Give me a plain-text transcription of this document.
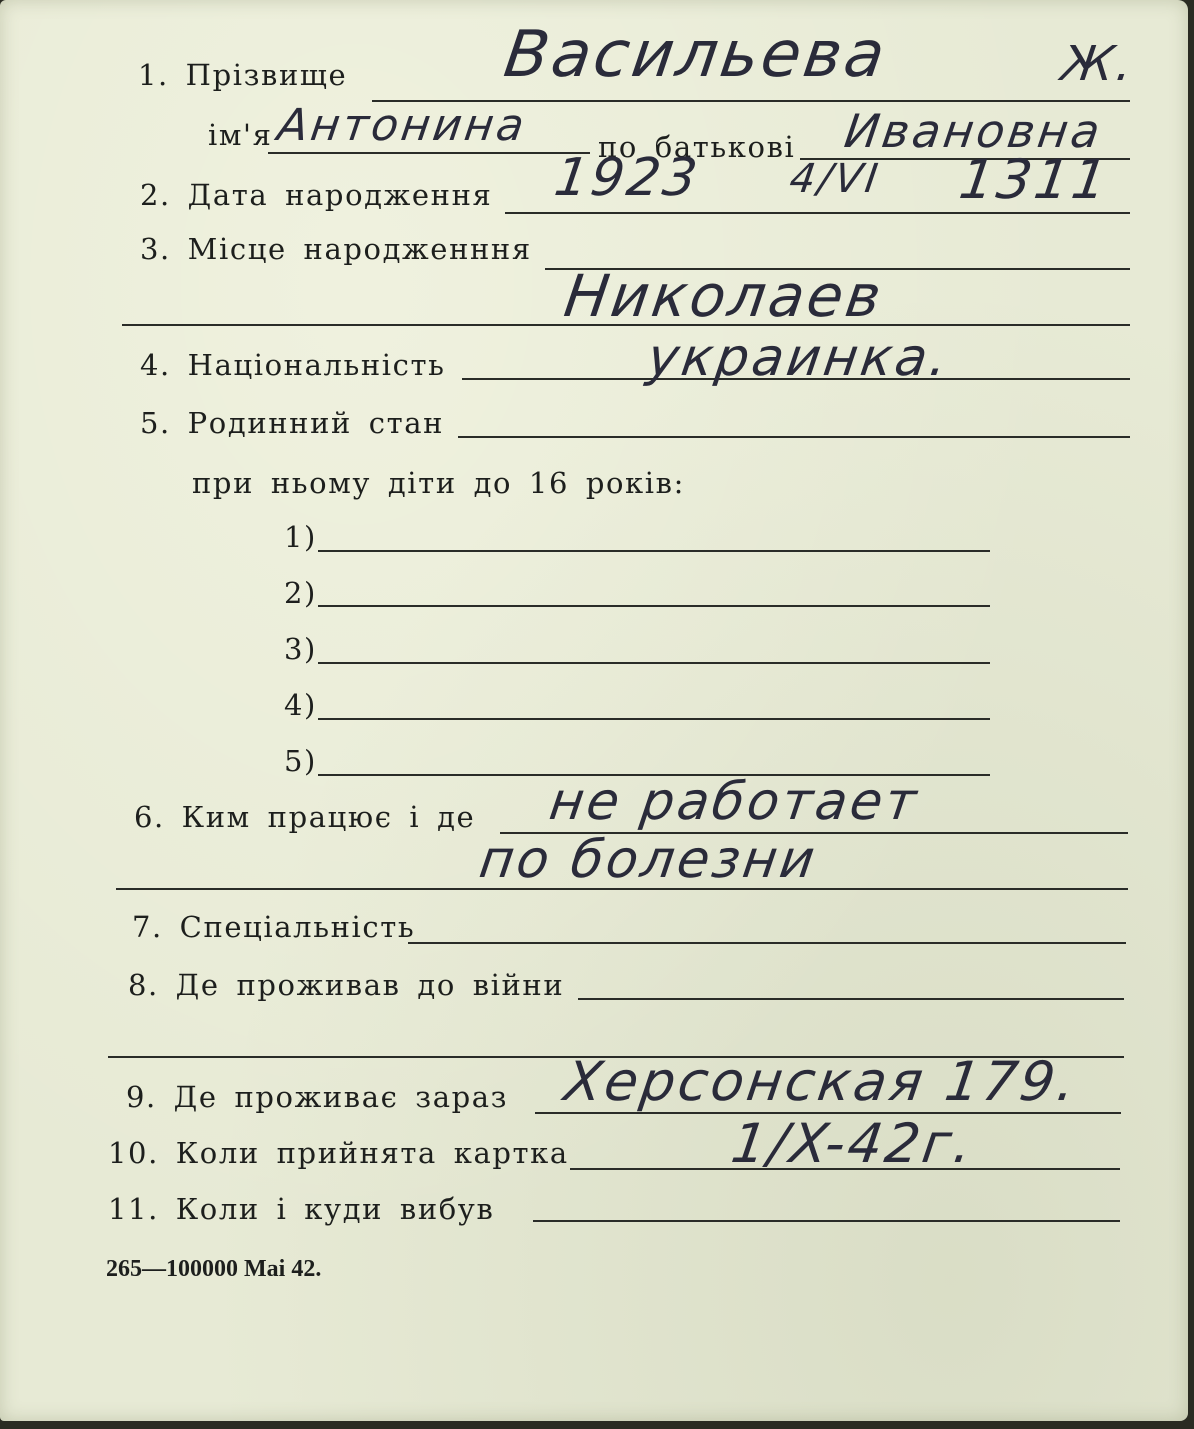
1. Прізвище Васильева	Ж.
ім'я Антонина по батькові Ивановна
2. Дата народження 1923 4/VI 1311
3. Місце народженння
Николаев
4. Національність	украинка.
5. Родинний стан
при ньому діти до 16 років:
1)
2)
3)
4)
5)
6. Ким працює і де не работает
по болезни
7. Спеціальність
8. Де проживав до війни
9. Де проживає зараз Херсонская 179.
10. Коли прийнята картка	1/X-42г.
11. Коли і куди вибув
265—100000 Mai 42.
